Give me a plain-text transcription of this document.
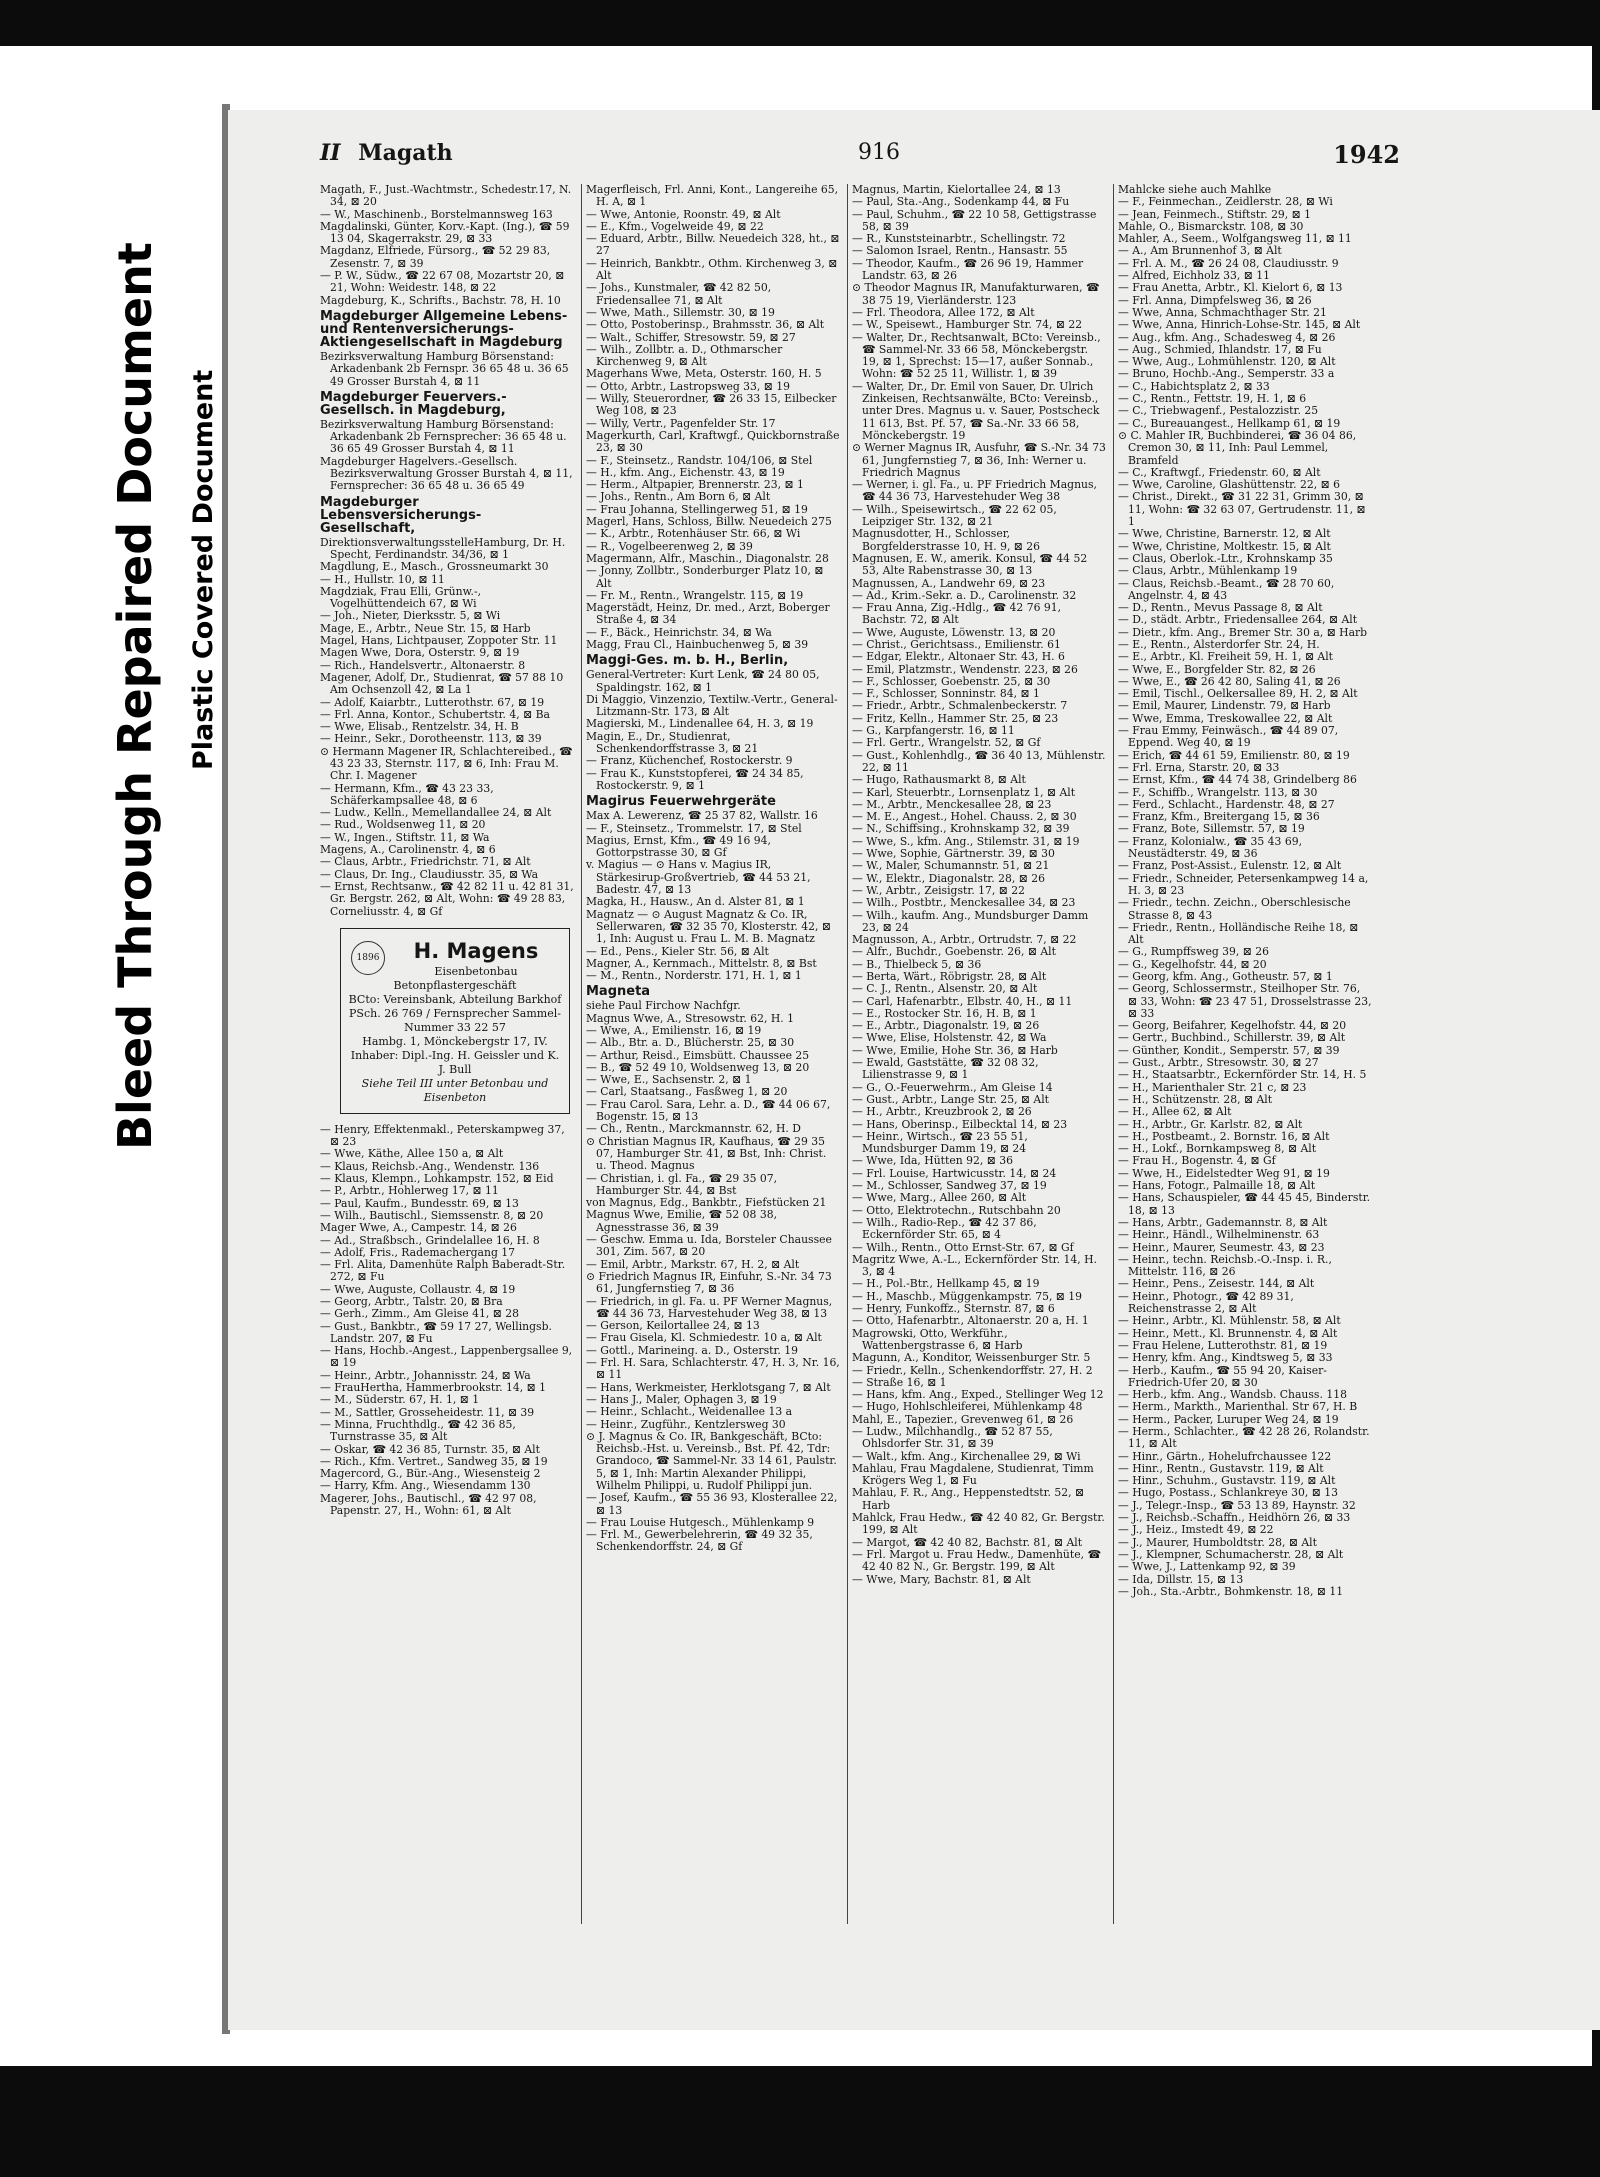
Bleed Through Repaired Document Plastic Covered Document
II Magath	916	1942
Magath, F., Just.-Wachtmstr., Schedestr.17, N. 34, ⊠ 20
— W., Maschinenb., Borstelmannsweg 163
Magdalinski, Günter, Korv.-Kapt. (Ing.), ☎ 59 13 04, Skagerrakstr. 29, ⊠ 33
Magdanz, Elfriede, Fürsorg., ☎ 52 29 83, Zesenstr. 7, ⊠ 39
— P. W., Südw., ☎ 22 67 08, Mozartstr 20, ⊠ 21, Wohn: Weidestr. 148, ⊠ 22
Magdeburg, K., Schrifts., Bachstr. 78, H. 10
Magdeburger Allgemeine Lebens- und Rentenversicherungs-Aktiengesellschaft in Magdeburg
Bezirksverwaltung Hamburg Börsenstand: Arkadenbank 2b Fernspr. 36 65 48 u. 36 65 49 Grosser Burstah 4, ⊠ 11
Magdeburger Feuervers.-Gesellsch. in Magdeburg,
Bezirksverwaltung Hamburg Börsenstand: Arkadenbank 2b Fernsprecher: 36 65 48 u. 36 65 49 Grosser Burstah 4, ⊠ 11
Magdeburger Hagelvers.-Gesellsch. Bezirksverwaltung Grosser Burstah 4, ⊠ 11, Fernsprecher: 36 65 48 u. 36 65 49
Magdeburger Lebensversicherungs-Gesellschaft,
DirektionsverwaltungsstelleHamburg, Dr. H. Specht, Ferdinandstr. 34/36, ⊠ 1
Magdlung, E., Masch., Grossneumarkt 30
— H., Hullstr. 10, ⊠ 11
Magdziak, Frau Elli, Grünw.-, Vogelhüttendeich 67, ⊠ Wi
— Joh., Nieter, Dierksstr. 5, ⊠ Wi
Mage, E., Arbtr., Neue Str. 15, ⊠ Harb
Magel, Hans, Lichtpauser, Zoppoter Str. 11
Magen Wwe, Dora, Osterstr. 9, ⊠ 19
— Rich., Handelsvertr., Altonaerstr. 8
Magener, Adolf, Dr., Studienrat, ☎ 57 88 10 Am Ochsenzoll 42, ⊠ La 1
— Adolf, Kaiarbtr., Lutterothstr. 67, ⊠ 19
— Frl. Anna, Kontor., Schubertstr. 4, ⊠ Ba
— Wwe, Elisab., Rentzelstr. 34, H. B
— Heinr., Sekr., Dorotheenstr. 113, ⊠ 39
⊙ Hermann Magener IR, Schlachtereibed., ☎ 43 23 33, Sternstr. 117, ⊠ 6, Inh: Frau M. Chr. I. Magener
— Hermann, Kfm., ☎ 43 23 33, Schäferkampsallee 48, ⊠ 6
— Ludw., Kelln., Memellandallee 24, ⊠ Alt
— Rud., Woldsenweg 11, ⊠ 20
— W., Ingen., Stiftstr. 11, ⊠ Wa
Magens, A., Carolinenstr. 4, ⊠ 6
— Claus, Arbtr., Friedrichstr. 71, ⊠ Alt
— Claus, Dr. Ing., Claudiusstr. 35, ⊠ Wa
— Ernst, Rechtsanw., ☎ 42 82 11 u. 42 81 31, Gr. Bergstr. 262, ⊠ Alt, Wohn: ☎ 49 28 83, Corneliusstr. 4, ⊠ Gf
1896	H. Magens
Eisenbetonbau
Betonpflastergeschäft
BCto: Vereinsbank, Abteilung Barkhof
PSch. 26 769 / Fernsprecher Sammel-Nummer 33 22 57
Hambg. 1, Mönckebergstr 17, IV.
Inhaber: Dipl.-Ing. H. Geissler und K. J. Bull
Siehe Teil III unter Betonbau und Eisenbeton
— Henry, Effektenmakl., Peterskampweg 37, ⊠ 23
— Wwe, Käthe, Allee 150 a, ⊠ Alt
— Klaus, Reichsb.-Ang., Wendenstr. 136
— Klaus, Klempn., Lohkampstr. 152, ⊠ Eid
— P., Arbtr., Hohlerweg 17, ⊠ 11
— Paul, Kaufm., Bundesstr. 69, ⊠ 13
— Wilh., Bautischl., Siemssenstr. 8, ⊠ 20
Mager Wwe, A., Campestr. 14, ⊠ 26
— Ad., Straßbsch., Grindelallee 16, H. 8
— Adolf, Fris., Rademachergang 17
— Frl. Alita, Damenhüte Ralph Baberadt-Str. 272, ⊠ Fu
— Wwe, Auguste, Collaustr. 4, ⊠ 19
— Georg, Arbtr., Talstr. 20, ⊠ Bra
— Gerh., Zimm., Am Gleise 41, ⊠ 28
— Gust., Bankbtr., ☎ 59 17 27, Wellingsb. Landstr. 207, ⊠ Fu
— Hans, Hochb.-Angest., Lappenbergsallee 9, ⊠ 19
— Heinr., Arbtr., Johannisstr. 24, ⊠ Wa
— FrauHertha, Hammerbrookstr. 14, ⊠ 1
— M., Süderstr. 67, H. 1, ⊠ 1
— M., Sattler, Grosseheidestr. 11, ⊠ 39
— Minna, Fruchthdlg., ☎ 42 36 85, Turnstrasse 35, ⊠ Alt
— Oskar, ☎ 42 36 85, Turnstr. 35, ⊠ Alt
— Rich., Kfm. Vertret., Sandweg 35, ⊠ 19
Magercord, G., Bür.-Ang., Wiesensteig 2
— Harry, Kfm. Ang., Wiesendamm 130
Magerer, Johs., Bautischl., ☎ 42 97 08, Papenstr. 27, H., Wohn: 61, ⊠ Alt
Magerfleisch, Frl. Anni, Kont., Langereihe 65, H. A, ⊠ 1
— Wwe, Antonie, Roonstr. 49, ⊠ Alt
— E., Kfm., Vogelweide 49, ⊠ 22
— Eduard, Arbtr., Billw. Neuedeich 328, ht., ⊠ 27
— Heinrich, Bankbtr., Othm. Kirchenweg 3, ⊠ Alt
— Johs., Kunstmaler, ☎ 42 82 50, Friedensallee 71, ⊠ Alt
— Wwe, Math., Sillemstr. 30, ⊠ 19
— Otto, Postoberinsp., Brahmsstr. 36, ⊠ Alt
— Walt., Schiffer, Stresowstr. 59, ⊠ 27
— Wilh., Zollbtr. a. D., Othmarscher Kirchenweg 9, ⊠ Alt
Magerhans Wwe, Meta, Osterstr. 160, H. 5
— Otto, Arbtr., Lastropsweg 33, ⊠ 19
— Willy, Steuerordner, ☎ 26 33 15, Eilbecker Weg 108, ⊠ 23
— Willy, Vertr., Pagenfelder Str. 17
Magerkurth, Carl, Kraftwgf., Quickbornstraße 23, ⊠ 30
— F., Steinsetz., Randstr. 104/106, ⊠ Stel
— H., kfm. Ang., Eichenstr. 43, ⊠ 19
— Herm., Altpapier, Brennerstr. 23, ⊠ 1
— Johs., Rentn., Am Born 6, ⊠ Alt
— Frau Johanna, Stellingerweg 51, ⊠ 19
Magerl, Hans, Schloss, Billw. Neuedeich 275
— K., Arbtr., Rotenhäuser Str. 66, ⊠ Wi
— R., Vogelbeerenweg 2, ⊠ 39
Magermann, Alfr., Maschin., Diagonalstr. 28
— Jonny, Zollbtr., Sonderburger Platz 10, ⊠ Alt
— Fr. M., Rentn., Wrangelstr. 115, ⊠ 19
Magerstädt, Heinz, Dr. med., Arzt, Boberger Straße 4, ⊠ 34
— F., Bäck., Heinrichstr. 34, ⊠ Wa
Magg, Frau Cl., Hainbuchenweg 5, ⊠ 39
Maggi-Ges. m. b. H., Berlin,
General-Vertreter: Kurt Lenk, ☎ 24 80 05, Spaldingstr. 162, ⊠ 1
Di Maggio, Vinzenzio, Textilw.-Vertr., General-Litzmann-Str. 173, ⊠ Alt
Magierski, M., Lindenallee 64, H. 3, ⊠ 19
Magin, E., Dr., Studienrat, Schenkendorffstrasse 3, ⊠ 21
— Franz, Küchenchef, Rostockerstr. 9
— Frau K., Kunststopferei, ☎ 24 34 85, Rostockerstr. 9, ⊠ 1
Magirus Feuerwehrgeräte
Max A. Lewerenz, ☎ 25 37 82, Wallstr. 16
— F., Steinsetz., Trommelstr. 17, ⊠ Stel
Magius, Ernst, Kfm., ☎ 49 16 94, Gottorpstrasse 30, ⊠ Gf
v. Magius — ⊙ Hans v. Magius IR, Stärkesirup-Großvertrieb, ☎ 44 53 21, Badestr. 47, ⊠ 13
Magka, H., Hausw., An d. Alster 81, ⊠ 1
Magnatz — ⊙ August Magnatz & Co. IR, Sellerwaren, ☎ 32 35 70, Klosterstr. 42, ⊠ 1, Inh: August u. Frau L. M. B. Magnatz
— Ed., Pens., Kieler Str. 56, ⊠ Alt
Magner, A., Kernmach., Mittelstr. 8, ⊠ Bst
— M., Rentn., Norderstr. 171, H. 1, ⊠ 1
Magneta
siehe Paul Firchow Nachfgr.
Magnus Wwe, A., Stresowstr. 62, H. 1
— Wwe, A., Emilienstr. 16, ⊠ 19
— Alb., Btr. a. D., Blücherstr. 25, ⊠ 30
— Arthur, Reisd., Eimsbütt. Chaussee 25
— B., ☎ 52 49 10, Woldsenweg 13, ⊠ 20
— Wwe, E., Sachsenstr. 2, ⊠ 1
— Carl, Staatsang., Fasßweg 1, ⊠ 20
— Frau Carol. Sara, Lehr. a. D., ☎ 44 06 67, Bogenstr. 15, ⊠ 13
— Ch., Rentn., Marckmannstr. 62, H. D
⊙ Christian Magnus IR, Kaufhaus, ☎ 29 35 07, Hamburger Str. 41, ⊠ Bst, Inh: Christ. u. Theod. Magnus
— Christian, i. gl. Fa., ☎ 29 35 07, Hamburger Str. 44, ⊠ Bst
von Magnus, Edg., Bankbtr., Fiefstücken 21
Magnus Wwe, Emilie, ☎ 52 08 38, Agnesstrasse 36, ⊠ 39
— Geschw. Emma u. Ida, Borsteler Chaussee 301, Zim. 567, ⊠ 20
— Emil, Arbtr., Markstr. 67, H. 2, ⊠ Alt
⊙ Friedrich Magnus IR, Einfuhr, S.-Nr. 34 73 61, Jungfernstieg 7, ⊠ 36
— Friedrich, in gl. Fa. u. PF Werner Magnus, ☎ 44 36 73, Harvestehuder Weg 38, ⊠ 13
— Gerson, Keilortallee 24, ⊠ 13
— Frau Gisela, Kl. Schmiedestr. 10 a, ⊠ Alt
— Gottl., Marineing. a. D., Osterstr. 19
— Frl. H. Sara, Schlachterstr. 47, H. 3, Nr. 16, ⊠ 11
— Hans, Werkmeister, Herklotsgang 7, ⊠ Alt
— Hans J., Maler, Ophagen 3, ⊠ 19
— Heinr., Schlacht., Weidenallee 13 a
— Heinr., Zugführ., Kentzlersweg 30
⊙ J. Magnus & Co. IR, Bankgeschäft, BCto: Reichsb.-Hst. u. Vereinsb., Bst. Pf. 42, Tdr: Grandoco, ☎ Sammel-Nr. 33 14 61, Paulstr. 5, ⊠ 1, Inh: Martin Alexander Philippi, Wilhelm Philippi, u. Rudolf Philippi jun.
— Josef, Kaufm., ☎ 55 36 93, Klosterallee 22, ⊠ 13
— Frau Louise Hutgesch., Mühlenkamp 9
— Frl. M., Gewerbelehrerin, ☎ 49 32 35, Schenkendorffstr. 24, ⊠ Gf
Magnus, Martin, Kielortallee 24, ⊠ 13
— Paul, Sta.-Ang., Sodenkamp 44, ⊠ Fu
— Paul, Schuhm., ☎ 22 10 58, Gettigstrasse 58, ⊠ 39
— R., Kunststeinarbtr., Schellingstr. 72
— Salomon Israel, Rentn., Hansastr. 55
— Theodor, Kaufm., ☎ 26 96 19, Hammer Landstr. 63, ⊠ 26
⊙ Theodor Magnus IR, Manufakturwaren, ☎ 38 75 19, Vierländerstr. 123
— Frl. Theodora, Allee 172, ⊠ Alt
— W., Speisewt., Hamburger Str. 74, ⊠ 22
— Walter, Dr., Rechtsanwalt, BCto: Vereinsb., ☎ Sammel-Nr. 33 66 58, Mönckebergstr. 19, ⊠ 1, Sprechst: 15—17, außer Sonnab., Wohn: ☎ 52 25 11, Willistr. 1, ⊠ 39
— Walter, Dr., Dr. Emil von Sauer, Dr. Ulrich Zinkeisen, Rechtsanwälte, BCto: Vereinsb., unter Dres. Magnus u. v. Sauer, Postscheck 11 613, Bst. Pf. 57, ☎ Sa.-Nr. 33 66 58, Mönckebergstr. 19
⊙ Werner Magnus IR, Ausfuhr, ☎ S.-Nr. 34 73 61, Jungfernstieg 7, ⊠ 36, Inh: Werner u. Friedrich Magnus
— Werner, i. gl. Fa., u. PF Friedrich Magnus, ☎ 44 36 73, Harvestehuder Weg 38
— Wilh., Speisewirtsch., ☎ 22 62 05, Leipziger Str. 132, ⊠ 21
Magnusdotter, H., Schlosser, Borgfelderstrasse 10, H. 9, ⊠ 26
Magnusen, E. W., amerik. Konsul, ☎ 44 52 53, Alte Rabenstrasse 30, ⊠ 13
Magnussen, A., Landwehr 69, ⊠ 23
— Ad., Krim.-Sekr. a. D., Carolinenstr. 32
— Frau Anna, Zig.-Hdlg., ☎ 42 76 91, Bachstr. 72, ⊠ Alt
— Wwe, Auguste, Löwenstr. 13, ⊠ 20
— Christ., Gerichtsass., Emilienstr. 61
— Edgar, Elektr., Altonaer Str. 43, H. 6
— Emil, Platzmstr., Wendenstr. 223, ⊠ 26
— F., Schlosser, Goebenstr. 25, ⊠ 30
— F., Schlosser, Sonninstr. 84, ⊠ 1
— Friedr., Arbtr., Schmalenbeckerstr. 7
— Fritz, Kelln., Hammer Str. 25, ⊠ 23
— G., Karpfangerstr. 16, ⊠ 11
— Frl. Gertr., Wrangelstr. 52, ⊠ Gf
— Gust., Kohlenhdlg., ☎ 36 40 13, Mühlenstr. 22, ⊠ 11
— Hugo, Rathausmarkt 8, ⊠ Alt
— Karl, Steuerbtr., Lornsenplatz 1, ⊠ Alt
— M., Arbtr., Menckesallee 28, ⊠ 23
— M. E., Angest., Hohel. Chauss. 2, ⊠ 30
— N., Schiffsing., Krohnskamp 32, ⊠ 39
— Wwe, S., kfm. Ang., Stilemstr. 31, ⊠ 19
— Wwe, Sophie, Gärtnerstr. 39, ⊠ 30
— W., Maler, Schumannstr. 51, ⊠ 21
— W., Elektr., Diagonalstr. 28, ⊠ 26
— W., Arbtr., Zeisigstr. 17, ⊠ 22
— Wilh., Postbtr., Menckesallee 34, ⊠ 23
— Wilh., kaufm. Ang., Mundsburger Damm 23, ⊠ 24
Magnusson, A., Arbtr., Ortrudstr. 7, ⊠ 22
— Alfr., Buchdr., Goebenstr. 26, ⊠ Alt
— B., Thielbeck 5, ⊠ 36
— Berta, Wärt., Röbrigstr. 28, ⊠ Alt
— C. J., Rentn., Alsenstr. 20, ⊠ Alt
— Carl, Hafenarbtr., Elbstr. 40, H., ⊠ 11
— E., Rostocker Str. 16, H. B, ⊠ 1
— E., Arbtr., Diagonalstr. 19, ⊠ 26
— Wwe, Elise, Holstenstr. 42, ⊠ Wa
— Wwe, Emilie, Hohe Str. 36, ⊠ Harb
— Ewald, Gaststätte, ☎ 32 08 32, Lilienstrasse 9, ⊠ 1
— G., O.-Feuerwehrm., Am Gleise 14
— Gust., Arbtr., Lange Str. 25, ⊠ Alt
— H., Arbtr., Kreuzbrook 2, ⊠ 26
— Hans, Oberinsp., Eilbecktal 14, ⊠ 23
— Heinr., Wirtsch., ☎ 23 55 51, Mundsburger Damm 19, ⊠ 24
— Wwe, Ida, Hütten 92, ⊠ 36
— Frl. Louise, Hartwicusstr. 14, ⊠ 24
— M., Schlosser, Sandweg 37, ⊠ 19
— Wwe, Marg., Allee 260, ⊠ Alt
— Otto, Elektrotechn., Rutschbahn 20
— Wilh., Radio-Rep., ☎ 42 37 86, Eckernförder Str. 65, ⊠ 4
— Wilh., Rentn., Otto Ernst-Str. 67, ⊠ Gf
Magritz Wwe, A.-L., Eckernförder Str. 14, H. 3, ⊠ 4
— H., Pol.-Btr., Hellkamp 45, ⊠ 19
— H., Maschb., Müggenkampstr. 75, ⊠ 19
— Henry, Funkoffz., Sternstr. 87, ⊠ 6
— Otto, Hafenarbtr., Altonaerstr. 20 a, H. 1
Magrowski, Otto, Werkführ., Wattenbergstrasse 6, ⊠ Harb
Magunn, A., Konditor, Weissenburger Str. 5
— Friedr., Kelln., Schenkendorffstr. 27, H. 2
— Straße 16, ⊠ 1
— Hans, kfm. Ang., Exped., Stellinger Weg 12
— Hugo, Hohlschleiferei, Mühlenkamp 48
Mahl, E., Tapezier., Grevenweg 61, ⊠ 26
— Ludw., Milchhandlg., ☎ 52 87 55, Ohlsdorfer Str. 31, ⊠ 39
— Walt., kfm. Ang., Kirchenallee 29, ⊠ Wi
Mahlau, Frau Magdalene, Studienrat, Timm Krögers Weg 1, ⊠ Fu
Mahlau, F. R., Ang., Heppenstedtstr. 52, ⊠ Harb
Mahlck, Frau Hedw., ☎ 42 40 82, Gr. Bergstr. 199, ⊠ Alt
— Margot, ☎ 42 40 82, Bachstr. 81, ⊠ Alt
— Frl. Margot u. Frau Hedw., Damenhüte, ☎ 42 40 82 N., Gr. Bergstr. 199, ⊠ Alt
— Wwe, Mary, Bachstr. 81, ⊠ Alt
Mahlcke siehe auch Mahlke
— F., Feinmechan., Zeidlerstr. 28, ⊠ Wi
— Jean, Feinmech., Stiftstr. 29, ⊠ 1
Mahle, O., Bismarckstr. 108, ⊠ 30
Mahler, A., Seem., Wolfgangsweg 11, ⊠ 11
— A., Am Brunnenhof 3, ⊠ Alt
— Frl. A. M., ☎ 26 24 08, Claudiusstr. 9
— Alfred, Eichholz 33, ⊠ 11
— Frau Anetta, Arbtr., Kl. Kielort 6, ⊠ 13
— Frl. Anna, Dimpfelsweg 36, ⊠ 26
— Wwe, Anna, Schmachthager Str. 21
— Wwe, Anna, Hinrich-Lohse-Str. 145, ⊠ Alt
— Aug., kfm. Ang., Schadesweg 4, ⊠ 26
— Aug., Schmied, Ihlandstr. 17, ⊠ Fu
— Wwe, Aug., Lohmühlenstr. 120, ⊠ Alt
— Bruno, Hochb.-Ang., Semperstr. 33 a
— C., Habichtsplatz 2, ⊠ 33
— C., Rentn., Fettstr. 19, H. 1, ⊠ 6
— C., Triebwagenf., Pestalozzistr. 25
— C., Bureauangest., Hellkamp 61, ⊠ 19
⊙ C. Mahler IR, Buchbinderei, ☎ 36 04 86, Cremon 30, ⊠ 11, Inh: Paul Lemmel, Bramfeld
— C., Kraftwgf., Friedenstr. 60, ⊠ Alt
— Wwe, Caroline, Glashüttenstr. 22, ⊠ 6
— Christ., Direkt., ☎ 31 22 31, Grimm 30, ⊠ 11, Wohn: ☎ 32 63 07, Gertrudenstr. 11, ⊠ 1
— Wwe, Christine, Barnerstr. 12, ⊠ Alt
— Wwe, Christine, Moltkestr. 15, ⊠ Alt
— Claus, Oberlok.-Ltr., Krohnskamp 35
— Claus, Arbtr., Mühlenkamp 19
— Claus, Reichsb.-Beamt., ☎ 28 70 60, Angelnstr. 4, ⊠ 43
— D., Rentn., Mevus Passage 8, ⊠ Alt
— D., städt. Arbtr., Friedensallee 264, ⊠ Alt
— Dietr., kfm. Ang., Bremer Str. 30 a, ⊠ Harb
— E., Rentn., Alsterdorfer Str. 24, H.
— E., Arbtr., Kl. Freiheit 59, H. 1, ⊠ Alt
— Wwe, E., Borgfelder Str. 82, ⊠ 26
— Wwe, E., ☎ 26 42 80, Saling 41, ⊠ 26
— Emil, Tischl., Oelkersallee 89, H. 2, ⊠ Alt
— Emil, Maurer, Lindenstr. 79, ⊠ Harb
— Wwe, Emma, Treskowallee 22, ⊠ Alt
— Frau Emmy, Feinwäsch., ☎ 44 89 07, Eppend. Weg 40, ⊠ 19
— Erich, ☎ 44 61 59, Emilienstr. 80, ⊠ 19
— Frl. Erna, Starstr. 20, ⊠ 33
— Ernst, Kfm., ☎ 44 74 38, Grindelberg 86
— F., Schiffb., Wrangelstr. 113, ⊠ 30
— Ferd., Schlacht., Hardenstr. 48, ⊠ 27
— Franz, Kfm., Breitergang 15, ⊠ 36
— Franz, Bote, Sillemstr. 57, ⊠ 19
— Franz, Kolonialw., ☎ 35 43 69, Neustädterstr. 49, ⊠ 36
— Franz, Post-Assist., Eulenstr. 12, ⊠ Alt
— Friedr., Schneider, Petersenkampweg 14 a, H. 3, ⊠ 23
— Friedr., techn. Zeichn., Oberschlesische Strasse 8, ⊠ 43
— Friedr., Rentn., Holländische Reihe 18, ⊠ Alt
— G., Rumpffsweg 39, ⊠ 26
— G., Kegelhofstr. 44, ⊠ 20
— Georg, kfm. Ang., Gotheustr. 57, ⊠ 1
— Georg, Schlossermstr., Steilhoper Str. 76, ⊠ 33, Wohn: ☎ 23 47 51, Drosselstrasse 23, ⊠ 33
— Georg, Beifahrer, Kegelhofstr. 44, ⊠ 20
— Gertr., Buchbind., Schillerstr. 39, ⊠ Alt
— Günther, Kondit., Semperstr. 57, ⊠ 39
— Gust., Arbtr., Stresowstr. 30, ⊠ 27
— H., Staatsarbtr., Eckernförder Str. 14, H. 5
— H., Marienthaler Str. 21 c, ⊠ 23
— H., Schützenstr. 28, ⊠ Alt
— H., Allee 62, ⊠ Alt
— H., Arbtr., Gr. Karlstr. 82, ⊠ Alt
— H., Postbeamt., 2. Bornstr. 16, ⊠ Alt
— H., Lokf., Bornkampsweg 8, ⊠ Alt
— Frau H., Bogenstr. 4, ⊠ Gf
— Wwe, H., Eidelstedter Weg 91, ⊠ 19
— Hans, Fotogr., Palmaille 18, ⊠ Alt
— Hans, Schauspieler, ☎ 44 45 45, Binderstr. 18, ⊠ 13
— Hans, Arbtr., Gademannstr. 8, ⊠ Alt
— Heinr., Händl., Wilhelminenstr. 63
— Heinr., Maurer, Seumestr. 43, ⊠ 23
— Heinr., techn. Reichsb.-O.-Insp. i. R., Mittelstr. 116, ⊠ 26
— Heinr., Pens., Zeisestr. 144, ⊠ Alt
— Heinr., Photogr., ☎ 42 89 31, Reichenstrasse 2, ⊠ Alt
— Heinr., Arbtr., Kl. Mühlenstr. 58, ⊠ Alt
— Heinr., Mett., Kl. Brunnenstr. 4, ⊠ Alt
— Frau Helene, Lutterothstr. 81, ⊠ 19
— Henry, kfm. Ang., Kindtsweg 5, ⊠ 33
— Herb., Kaufm., ☎ 55 94 20, Kaiser-Friedrich-Ufer 20, ⊠ 30
— Herb., kfm. Ang., Wandsb. Chauss. 118
— Herm., Markth., Marienthal. Str 67, H. B
— Herm., Packer, Luruper Weg 24, ⊠ 19
— Herm., Schlachter., ☎ 42 28 26, Rolandstr. 11, ⊠ Alt
— Hinr., Gärtn., Hohelufrchaussee 122
— Hinr., Rentn., Gustavstr. 119, ⊠ Alt
— Hinr., Schuhm., Gustavstr. 119, ⊠ Alt
— Hugo, Postass., Schlankreye 30, ⊠ 13
— J., Telegr.-Insp., ☎ 53 13 89, Haynstr. 32
— J., Reichsb.-Schaffn., Heidhörn 26, ⊠ 33
— J., Heiz., Imstedt 49, ⊠ 22
— J., Maurer, Humboldtstr. 28, ⊠ Alt
— J., Klempner, Schumacherstr. 28, ⊠ Alt
— Wwe, J., Lattenkamp 92, ⊠ 39
— Ida, Dillstr. 15, ⊠ 13
— Joh., Sta.-Arbtr., Bohmkenstr. 18, ⊠ 11
